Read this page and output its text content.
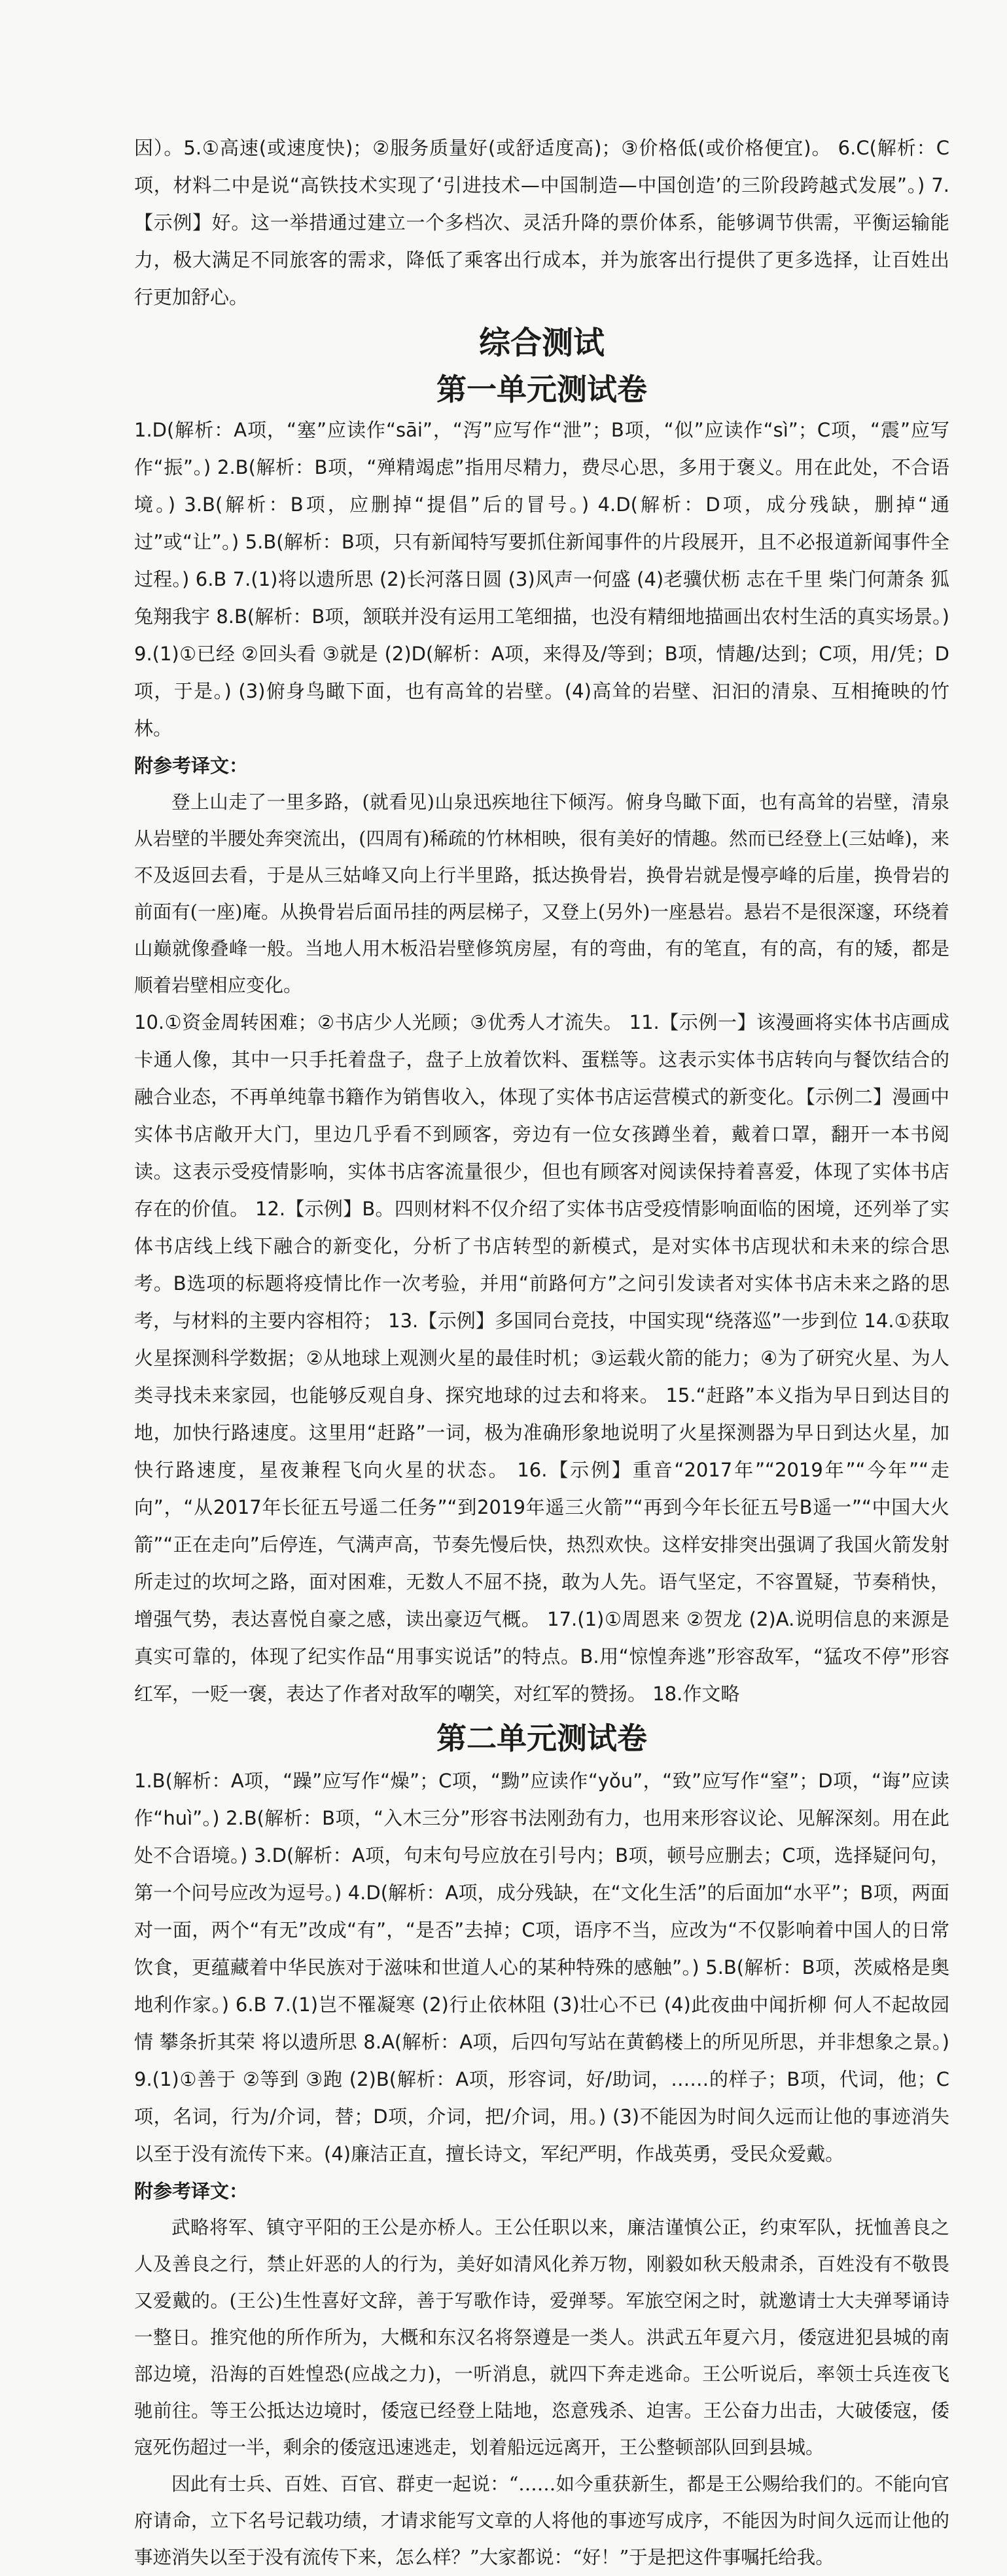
因）。5.①高速(或速度快)；②服务质量好(或舒适度高)；③价格低(或价格便宜)。 6.C(解析：C项，材料二中是说“高铁技术实现了‘引进技术—中国制造—中国创造’的三阶段跨越式发展”。) 7.【示例】好。这一举措通过建立一个多档次、灵活升降的票价体系，能够调节供需，平衡运输能力，极大满足不同旅客的需求，降低了乘客出行成本，并为旅客出行提供了更多选择，让百姓出行更加舒心。

综合测试
第一单元测试卷

1.D(解析：A项，“塞”应读作“sāi”，“泻”应写作“泄”；B项，“似”应读作“sì”；C项，“震”应写作“振”。) 2.B(解析：B项，“殚精竭虑”指用尽精力，费尽心思，多用于褒义。用在此处，不合语境。) 3.B(解析：B项，应删掉“提倡”后的冒号。) 4.D(解析：D项，成分残缺，删掉“通过”或“让”。) 5.B(解析：B项，只有新闻特写要抓住新闻事件的片段展开，且不必报道新闻事件全过程。) 6.B 7.(1)将以遗所思 (2)长河落日圆 (3)风声一何盛 (4)老骥伏枥 志在千里 柴门何萧条 狐兔翔我宇 8.B(解析：B项，颔联并没有运用工笔细描，也没有精细地描画出农村生活的真实场景。) 9.(1)①已经 ②回头看 ③就是 (2)D(解析：A项，来得及/等到；B项，情趣/达到；C项，用/凭；D项，于是。) (3)俯身鸟瞰下面，也有高耸的岩壁。(4)高耸的岩壁、汩汩的清泉、互相掩映的竹林。

附参考译文：

登上山走了一里多路，(就看见)山泉迅疾地往下倾泻。俯身鸟瞰下面，也有高耸的岩壁，清泉从岩壁的半腰处奔突流出，(四周有)稀疏的竹林相映，很有美好的情趣。然而已经登上(三姑峰)，来不及返回去看，于是从三姑峰又向上行半里路，抵达换骨岩，换骨岩就是慢亭峰的后崖，换骨岩的前面有(一座)庵。从换骨岩后面吊挂的两层梯子，又登上(另外)一座悬岩。悬岩不是很深邃，环绕着山巅就像叠峰一般。当地人用木板沿岩壁修筑房屋，有的弯曲，有的笔直，有的高，有的矮，都是顺着岩壁相应变化。

10.①资金周转困难；②书店少人光顾；③优秀人才流失。 11.【示例一】该漫画将实体书店画成卡通人像，其中一只手托着盘子，盘子上放着饮料、蛋糕等。这表示实体书店转向与餐饮结合的融合业态，不再单纯靠书籍作为销售收入，体现了实体书店运营模式的新变化。【示例二】漫画中实体书店敞开大门，里边几乎看不到顾客，旁边有一位女孩蹲坐着，戴着口罩，翻开一本书阅读。这表示受疫情影响，实体书店客流量很少，但也有顾客对阅读保持着喜爱，体现了实体书店存在的价值。 12.【示例】B。四则材料不仅介绍了实体书店受疫情影响面临的困境，还列举了实体书店线上线下融合的新变化，分析了书店转型的新模式，是对实体书店现状和未来的综合思考。B选项的标题将疫情比作一次考验，并用“前路何方”之问引发读者对实体书店未来之路的思考，与材料的主要内容相符； 13.【示例】多国同台竞技，中国实现“绕落巡”一步到位 14.①获取火星探测科学数据；②从地球上观测火星的最佳时机；③运载火箭的能力；④为了研究火星、为人类寻找未来家园，也能够反观自身、探究地球的过去和将来。 15.“赶路”本义指为早日到达目的地，加快行路速度。这里用“赶路”一词，极为准确形象地说明了火星探测器为早日到达火星，加快行路速度，星夜兼程飞向火星的状态。 16.【示例】重音“2017年”“2019年”“今年”“走向”，“从2017年长征五号遥二任务”“到2019年遥三火箭”“再到今年长征五号B遥一”“中国大火箭”“正在走向”后停连，气满声高，节奏先慢后快，热烈欢快。这样安排突出强调了我国火箭发射所走过的坎坷之路，面对困难，无数人不屈不挠，敢为人先。语气坚定，不容置疑，节奏稍快，增强气势，表达喜悦自豪之感，读出豪迈气概。 17.(1)①周恩来 ②贺龙 (2)A.说明信息的来源是真实可靠的，体现了纪实作品“用事实说话”的特点。B.用“惊惶奔逃”形容敌军，“猛攻不停”形容红军，一贬一褒，表达了作者对敌军的嘲笑，对红军的赞扬。 18.作文略

第二单元测试卷

1.B(解析：A项，“躁”应写作“燥”；C项，“黝”应读作“yǒu”，“致”应写作“窒”；D项，“诲”应读作“huì”。) 2.B(解析：B项，“入木三分”形容书法刚劲有力，也用来形容议论、见解深刻。用在此处不合语境。) 3.D(解析：A项，句末句号应放在引号内；B项，顿号应删去；C项，选择疑问句，第一个问号应改为逗号。) 4.D(解析：A项，成分残缺，在“文化生活”的后面加“水平”；B项，两面对一面，两个“有无”改成“有”，“是否”去掉；C项，语序不当，应改为“不仅影响着中国人的日常饮食，更蕴藏着中华民族对于滋味和世道人心的某种特殊的感触”。) 5.B(解析：B项，茨威格是奥地利作家。) 6.B 7.(1)岂不罹凝寒 (2)行止依林阻 (3)壮心不已 (4)此夜曲中闻折柳 何人不起故园情 攀条折其荣 将以遗所思 8.A(解析：A项，后四句写站在黄鹤楼上的所见所思，并非想象之景。) 9.(1)①善于 ②等到 ③跑 (2)B(解析：A项，形容词，好/助词，……的样子；B项，代词，他；C项，名词，行为/介词，替；D项，介词，把/介词，用。) (3)不能因为时间久远而让他的事迹消失以至于没有流传下来。(4)廉洁正直，擅长诗文，军纪严明，作战英勇，受民众爱戴。

附参考译文：

武略将军、镇守平阳的王公是亦桥人。王公任职以来，廉洁谨慎公正，约束军队，抚恤善良之人及善良之行，禁止奸恶的人的行为，美好如清风化养万物，刚毅如秋天般肃杀，百姓没有不敬畏又爱戴的。(王公)生性喜好文辞，善于写歌作诗，爱弹琴。军旅空闲之时，就邀请士大夫弹琴诵诗一整日。推究他的所作所为，大概和东汉名将祭遵是一类人。洪武五年夏六月，倭寇进犯县城的南部边境，沿海的百姓惶恐(应战之力)，一听消息，就四下奔走逃命。王公听说后，率领士兵连夜飞驰前往。等王公抵达边境时，倭寇已经登上陆地，恣意残杀、迫害。王公奋力出击，大破倭寇，倭寇死伤超过一半，剩余的倭寇迅速逃走，划着船远远离开，王公整顿部队回到县城。

因此有士兵、百姓、百官、群吏一起说：“……如今重获新生，都是王公赐给我们的。不能向官府请命，立下名号记载功绩，才请求能写文章的人将他的事迹写成序，不能因为时间久远而让他的事迹消失以至于没有流传下来，怎么样？”大家都说：“好！”于是把这件事嘱托给我。
